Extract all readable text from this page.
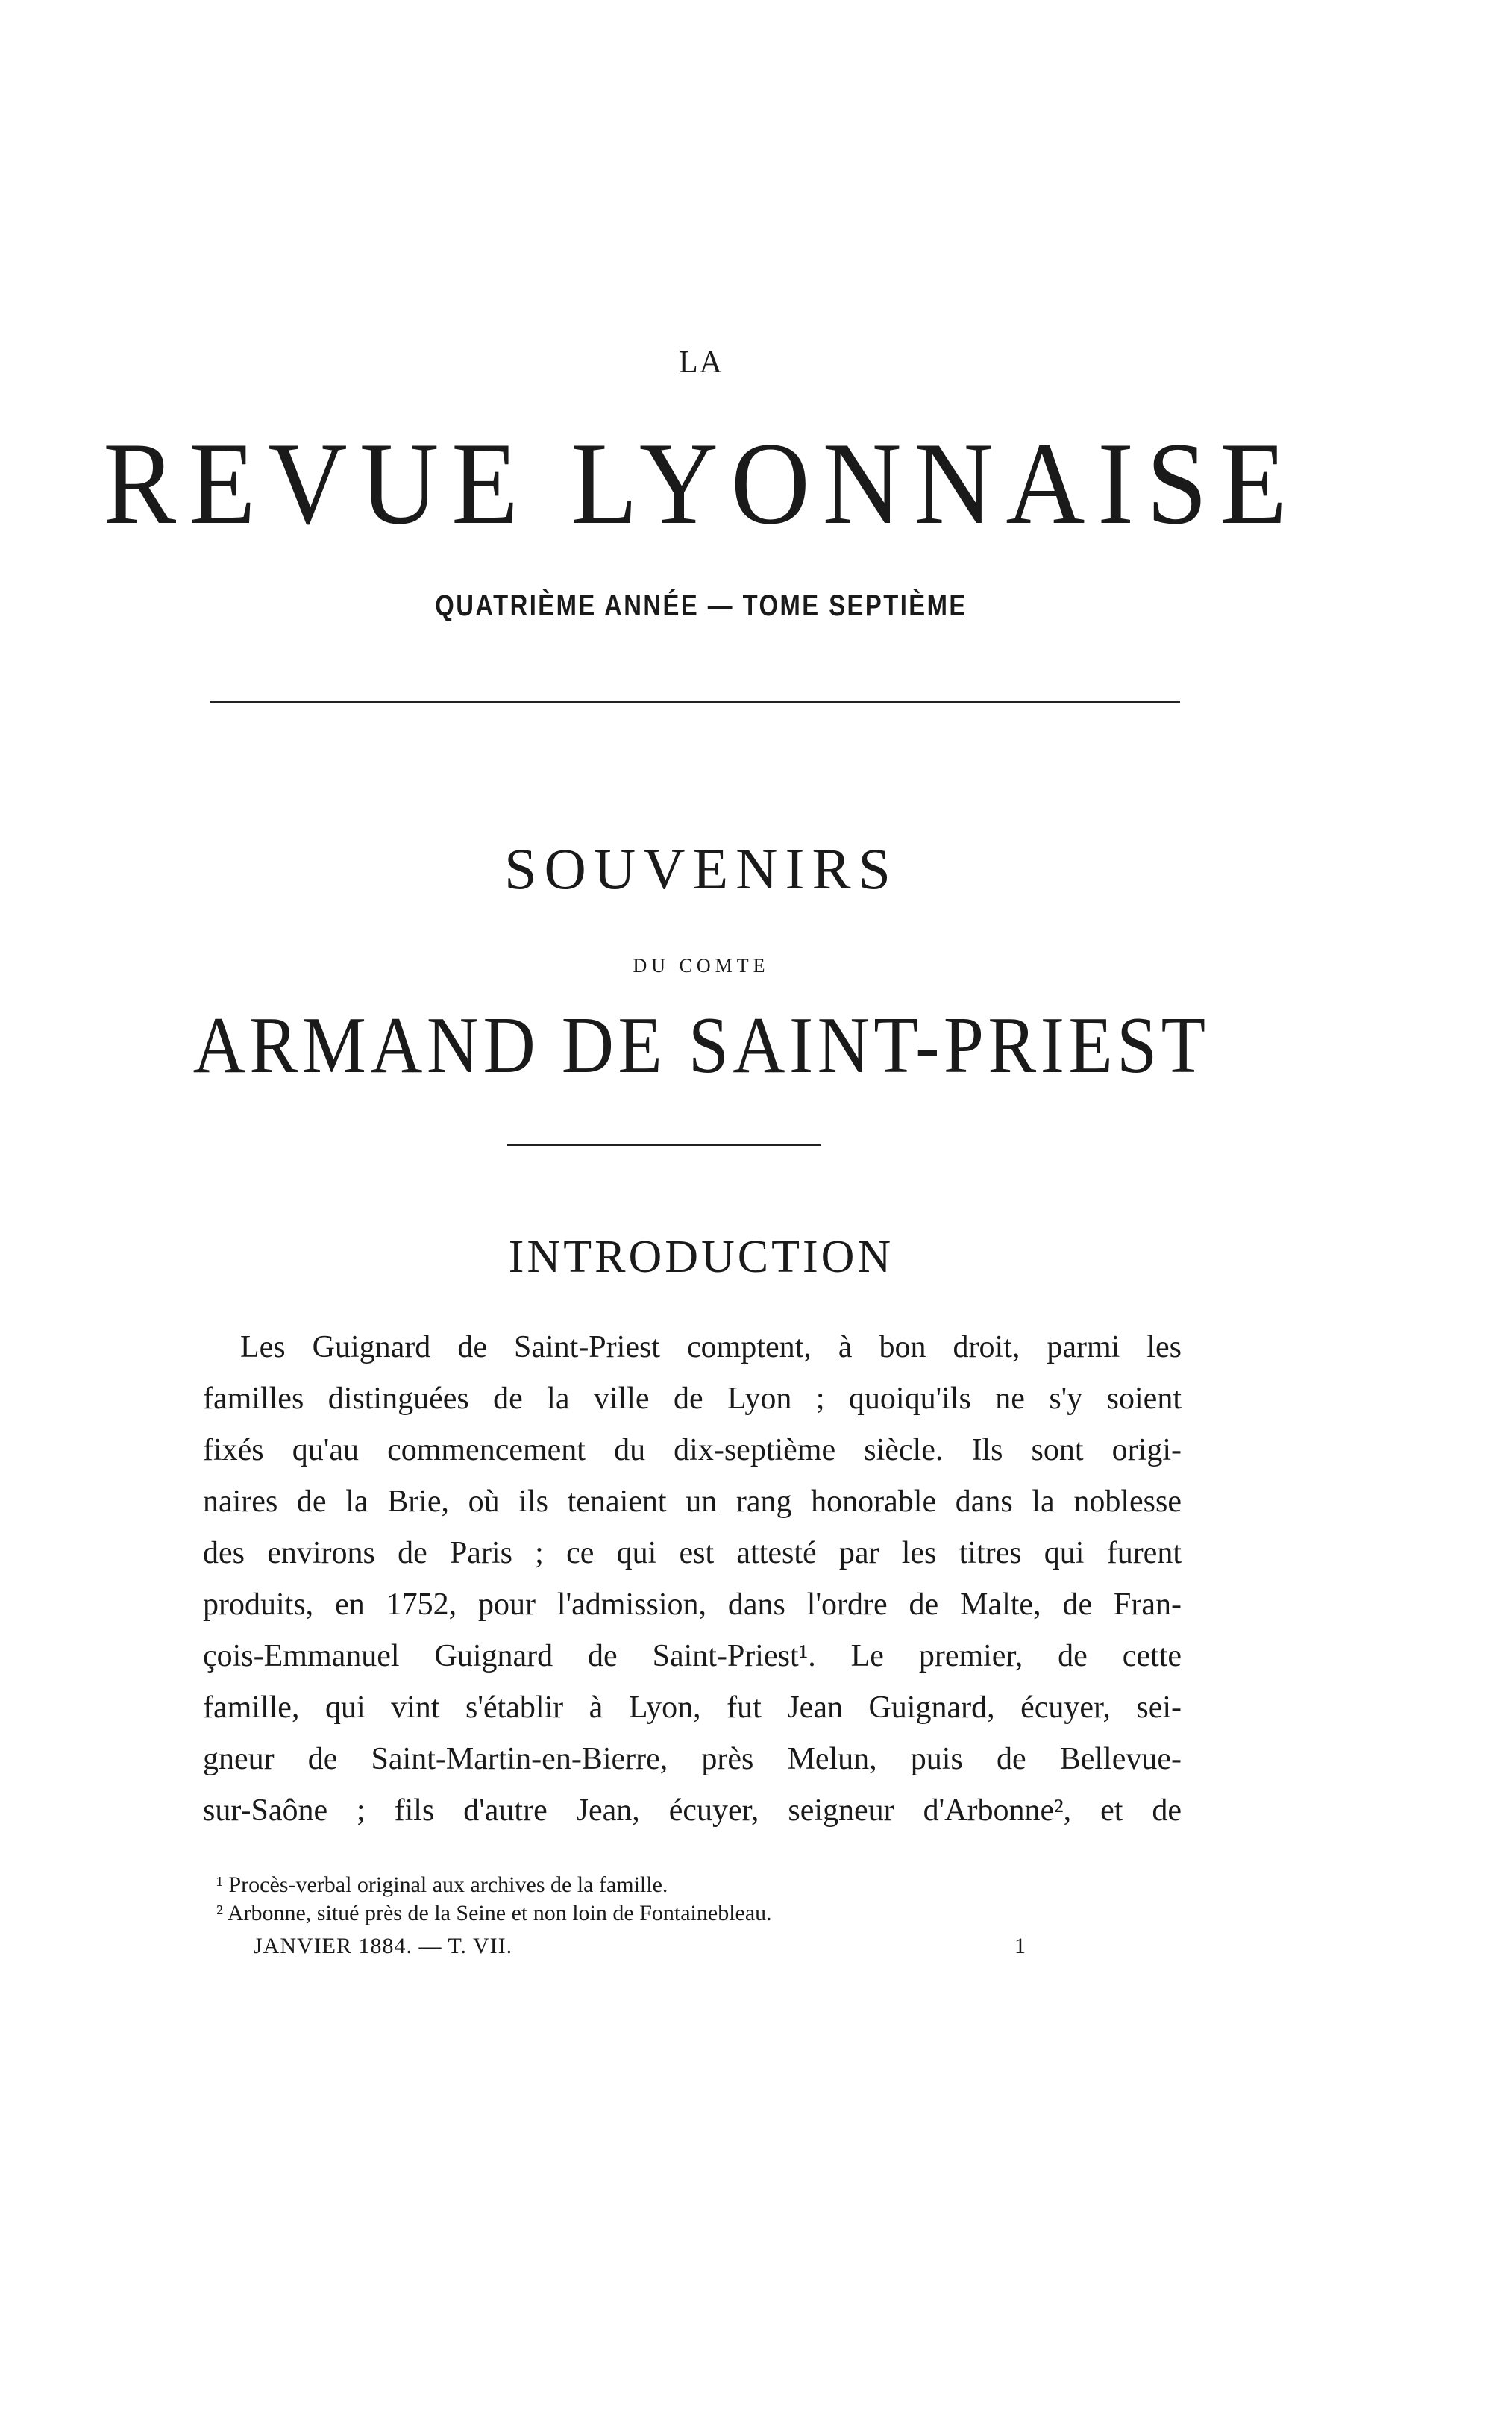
LA
REVUE LYONNAISE
QUATRIÈME ANNÉE — TOME SEPTIÈME
SOUVENIRS
DU COMTE
ARMAND DE SAINT-PRIEST
INTRODUCTION
Les Guignard de Saint-Priest comptent, à bon droit, parmi les
familles distinguées de la ville de Lyon ; quoiqu'ils ne s'y soient
fixés qu'au commencement du dix-septième siècle. Ils sont origi-
naires de la Brie, où ils tenaient un rang honorable dans la noblesse
des environs de Paris ; ce qui est attesté par les titres qui furent
produits, en 1752, pour l'admission, dans l'ordre de Malte, de Fran-
çois-Emmanuel Guignard de Saint-Priest¹. Le premier, de cette
famille, qui vint s'établir à Lyon, fut Jean Guignard, écuyer, sei-
gneur de Saint-Martin-en-Bierre, près Melun, puis de Bellevue-
sur-Saône ; fils d'autre Jean, écuyer, seigneur d'Arbonne², et de
¹ Procès-verbal original aux archives de la famille.
² Arbonne, situé près de la Seine et non loin de Fontainebleau.
JANVIER 1884. — T. VII.	1
